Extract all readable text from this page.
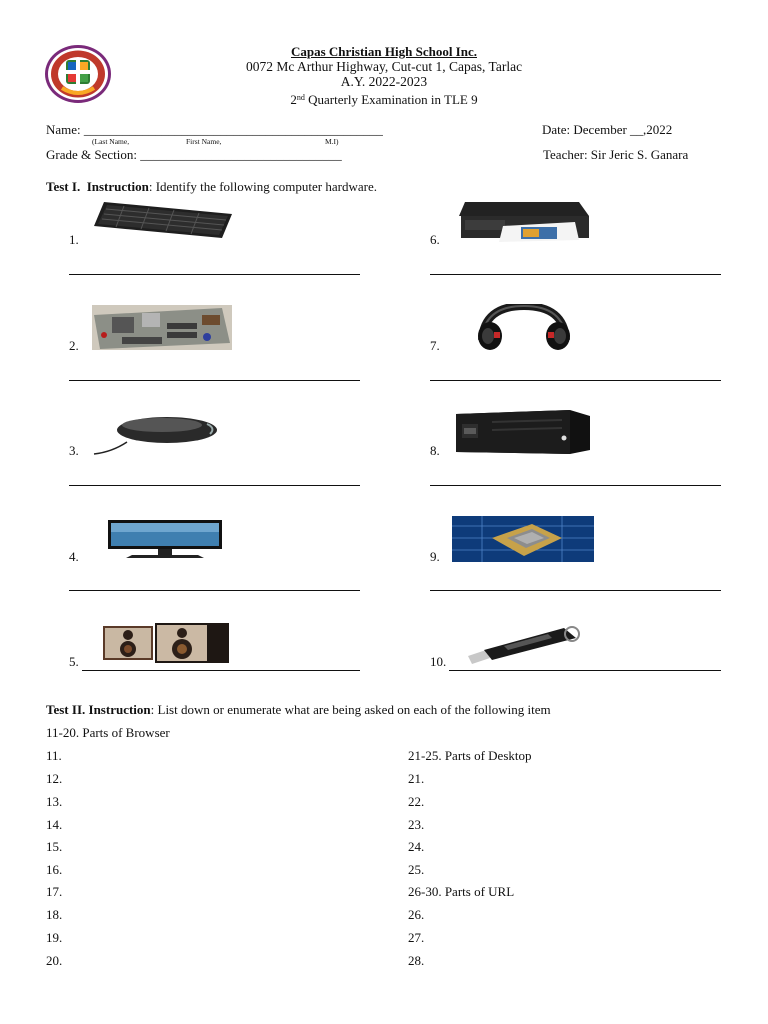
Capas Christian High School Inc.
0072 Mc Arthur Highway, Cut-cut 1, Capas, Tarlac
A.Y. 2022-2023
2nd Quarterly Examination in TLE 9
Name: ______________________________________________
(Last Name,	First Name,	M.I)
Date: December __,2022
Grade & Section: _______________________________	Teacher: Sir Jeric S. Ganara
Test I. Instruction: Identify the following computer hardware.
1.
2.
3.
4.
5.
6.
7.
8.
9.
10.
Test II. Instruction: List down or enumerate what are being asked on each of the following item
11-20. Parts of Browser
11.
12.
13.
14.
15.
16.
17.
18.
19.
20.
21-25. Parts of Desktop
21.
22.
23.
24.
25.
26-30. Parts of URL
26.
27.
28.
